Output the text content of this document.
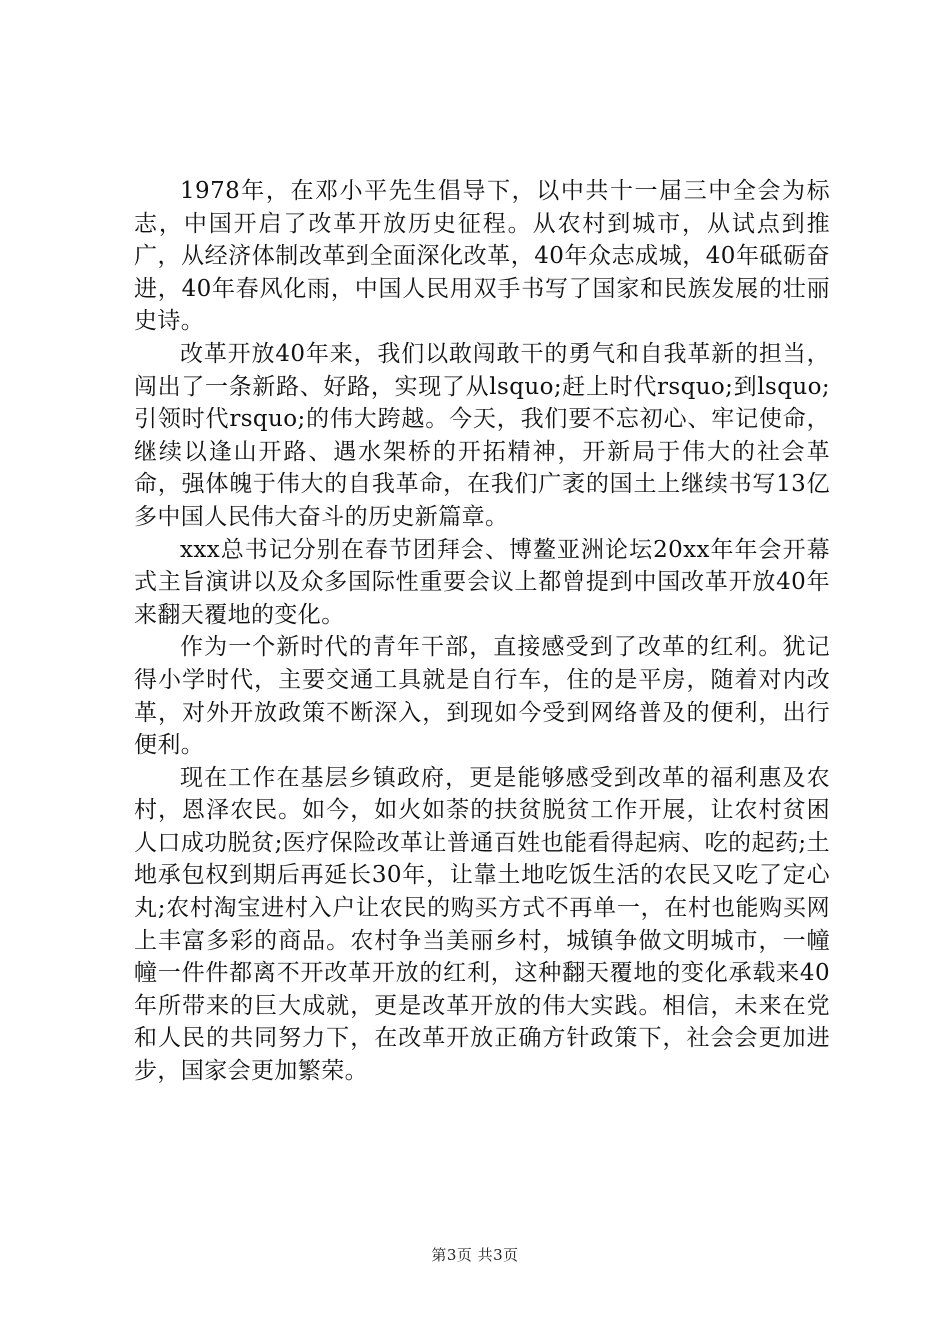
1978年，在邓小平先生倡导下，以中共十一届三中全会为标志，中国开启了改革开放历史征程。从农村到城市，从试点到推广，从经济体制改革到全面深化改革，40年众志成城，40年砥砺奋进，40年春风化雨，中国人民用双手书写了国家和民族发展的壮丽史诗。

改革开放40年来，我们以敢闯敢干的勇气和自我革新的担当，闯出了一条新路、好路，实现了从lsquo;赶上时代rsquo;到lsquo;引领时代rsquo;的伟大跨越。今天，我们要不忘初心、牢记使命，继续以逢山开路、遇水架桥的开拓精神，开新局于伟大的社会革命，强体魄于伟大的自我革命，在我们广袤的国土上继续书写13亿多中国人民伟大奋斗的历史新篇章。

xxx总书记分别在春节团拜会、博鳌亚洲论坛20xx年年会开幕式主旨演讲以及众多国际性重要会议上都曾提到中国改革开放40年来翻天覆地的变化。

作为一个新时代的青年干部，直接感受到了改革的红利。犹记得小学时代，主要交通工具就是自行车，住的是平房，随着对内改革，对外开放政策不断深入，到现如今受到网络普及的便利，出行便利。

现在工作在基层乡镇政府，更是能够感受到改革的福利惠及农村，恩泽农民。如今，如火如荼的扶贫脱贫工作开展，让农村贫困人口成功脱贫;医疗保险改革让普通百姓也能看得起病、吃的起药;土地承包权到期后再延长30年，让靠土地吃饭生活的农民又吃了定心丸;农村淘宝进村入户让农民的购买方式不再单一，在村也能购买网上丰富多彩的商品。农村争当美丽乡村，城镇争做文明城市，一幢幢一件件都离不开改革开放的红利，这种翻天覆地的变化承载来40年所带来的巨大成就，更是改革开放的伟大实践。相信，未来在党和人民的共同努力下，在改革开放正确方针政策下，社会会更加进步，国家会更加繁荣。

第3页 共3页
